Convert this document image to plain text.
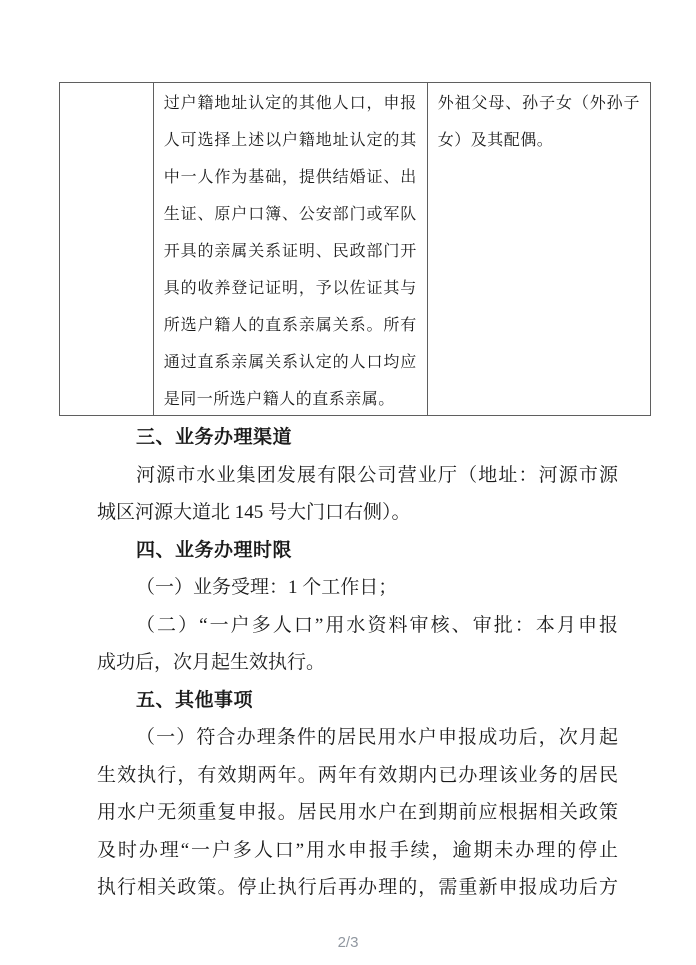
过户籍地址认定的其他人口，申报
人可选择上述以户籍地址认定的其
中一人作为基础，提供结婚证、出
生证、原户口簿、公安部门或军队
开具的亲属关系证明、民政部门开
具的收养登记证明，予以佐证其与
所选户籍人的直系亲属关系。所有
通过直系亲属关系认定的人口均应
是同一所选户籍人的直系亲属。
外祖父母、孙子女（外孙子
女）及其配偶。
三、业务办理渠道
河源市水业集团发展有限公司营业厅（地址：河源市源
城区河源大道北 145 号大门口右侧）。
四、业务办理时限
（一）业务受理：1 个工作日；
（二）“一户多人口”用水资料审核、审批：本月申报
成功后，次月起生效执行。
五、其他事项
（一）符合办理条件的居民用水户申报成功后，次月起
生效执行，有效期两年。两年有效期内已办理该业务的居民
用水户无须重复申报。居民用水户在到期前应根据相关政策
及时办理“一户多人口”用水申报手续，逾期未办理的停止
执行相关政策。停止执行后再办理的，需重新申报成功后方
2/3
